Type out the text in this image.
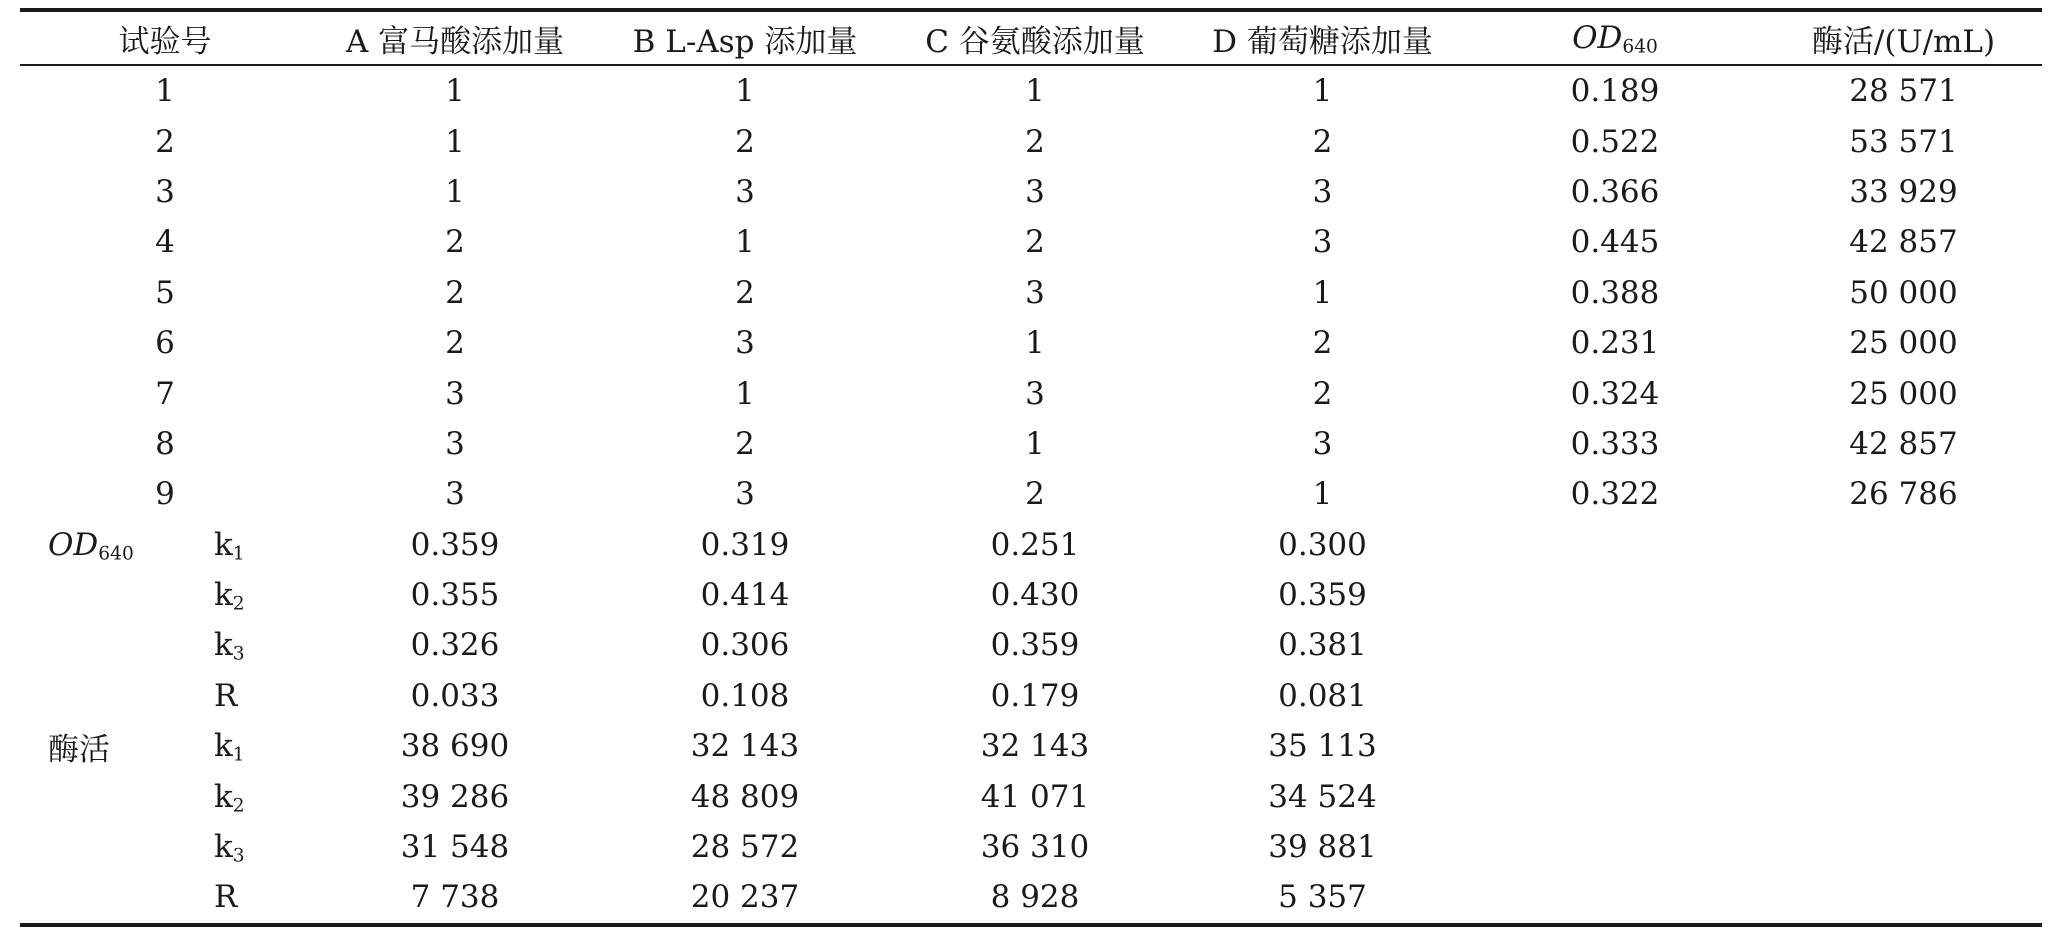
试验号		A 富马酸添加量	B L-Asp 添加量	C 谷氨酸添加量	D 葡萄糖添加量	$OD_{640}$	酶活/(U/mL)
1		1	1	1	1	0.189	28 571
2		1	2	2	2	0.522	53 571
3		1	3	3	3	0.366	33 929
4		2	1	2	3	0.445	42 857
5		2	2	3	1	0.388	50 000
6		2	3	1	2	0.231	25 000
7		3	1	3	2	0.324	25 000
8		3	2	1	3	0.333	42 857
9		3	3	2	1	0.322	26 786
$OD_{640}$	$k_1$	0.359	0.319	0.251	0.300		
	$k_2$	0.355	0.414	0.430	0.359		
	$k_3$	0.326	0.306	0.359	0.381		
	R	0.033	0.108	0.179	0.081		
酶活	$k_1$	38 690	32 143	32 143	35 113		
	$k_2$	39 286	48 809	41 071	34 524		
	$k_3$	31 548	28 572	36 310	39 881		
	R	7 738	20 237	8 928	5 357		
